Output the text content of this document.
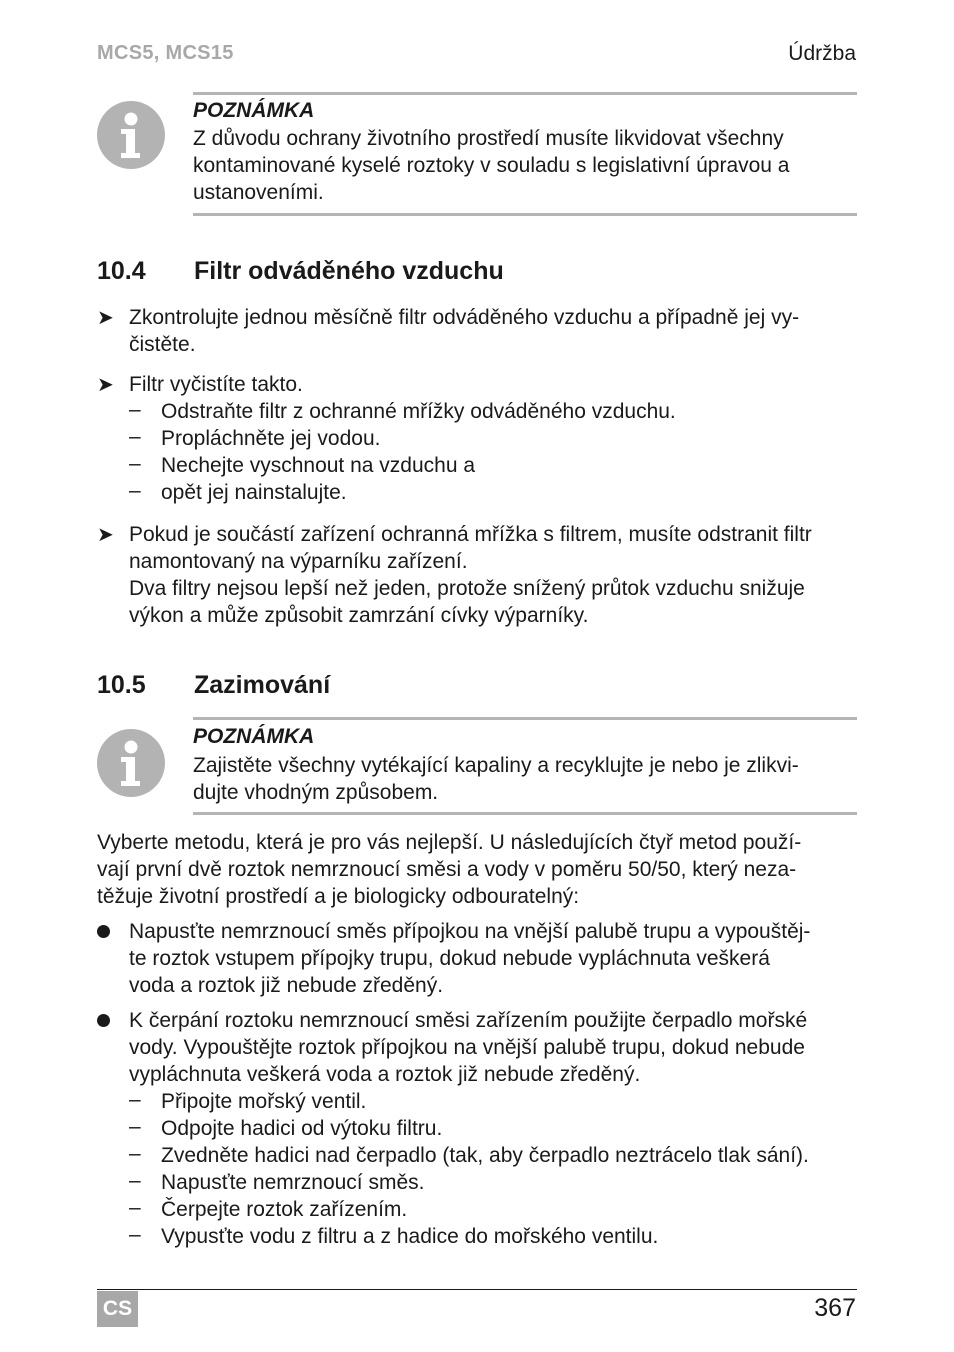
MCS5, MCS15	Údržba
POZNÁMKA
Z důvodu ochrany životního prostředí musíte likvidovat všechny
kontaminované kyselé roztoky v souladu s legislativní úpravou a
ustanoveními.
10.4 Filtr odváděného vzduchu
➤ Zkontrolujte jednou měsíčně filtr odváděného vzduchu a případně jej vy-
čistěte.
➤ Filtr vyčistíte takto.
– Odstraňte filtr z ochranné mřížky odváděného vzduchu.
– Propláchněte jej vodou.
– Nechejte vyschnout na vzduchu a
– opět jej nainstalujte.
➤ Pokud je součástí zařízení ochranná mřížka s filtrem, musíte odstranit filtr
namontovaný na výparníku zařízení.
Dva filtry nejsou lepší než jeden, protože snížený průtok vzduchu snižuje
výkon a může způsobit zamrzání cívky výparníky.
10.5 Zazimování
POZNÁMKA
Zajistěte všechny vytékající kapaliny a recyklujte je nebo je zlikvi-
dujte vhodným způsobem.
Vyberte metodu, která je pro vás nejlepší. U následujících čtyř metod použí-
vají první dvě roztok nemrznoucí směsi a vody v poměru 50/50, který neza-
těžuje životní prostředí a je biologicky odbouratelný:
Napusťte nemrznoucí směs přípojkou na vnější palubě trupu a vypouštěj-
te roztok vstupem přípojky trupu, dokud nebude vypláchnuta veškerá
voda a roztok již nebude zředěný.
K čerpání roztoku nemrznoucí směsi zařízením použijte čerpadlo mořské
vody. Vypouštějte roztok přípojkou na vnější palubě trupu, dokud nebude
vypláchnuta veškerá voda a roztok již nebude zředěný.
– Připojte mořský ventil.
– Odpojte hadici od výtoku filtru.
– Zvedněte hadici nad čerpadlo (tak, aby čerpadlo neztrácelo tlak sání).
– Napusťte nemrznoucí směs.
– Čerpejte roztok zařízením.
– Vypusťte vodu z filtru a z hadice do mořského ventilu.
CS	367
